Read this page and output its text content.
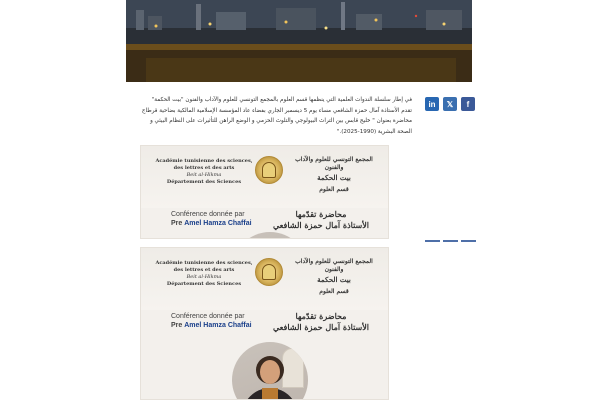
in 𝕏 f
في إطار سلسلة الندوات العلمية التي ينظمها قسم العلوم بالمجمع التونسي للعلوم والآداب والفنون "بيت الحكمة" تقدم الأستاذة آمال حمزة الشافعي مساء يوم 5 ديسمبر الجاري بفضاء عاد المؤسسة الإسلامية المالكية بضاحية قرطاج محاضرة بعنوان " خليج قابس بين التراث البيولوجي والتلوث الحزمي و الوضع الراهن للتأثيرات على النظام البيئي و الصحة البشرية (1990-2025)."
Académie tunisienne des sciences,
des lettres et des arts
Beit al-Hikma
Département des Sciences
المجمع التونسي للعلوم والآداب والفنون
بيت الحكمة
قسم العلوم
Conférence donnée par
Pre Amel Hamza Chaffai
محاضرة تقدّمها
الأستاذة آمال حمزة الشافعي
Académie tunisienne des sciences,
des lettres et des arts
Beit al-Hikma
Département des Sciences
المجمع التونسي للعلوم والآداب والفنون
بيت الحكمة
قسم العلوم
Conférence donnée par
Pre Amel Hamza Chaffai
محاضرة تقدّمها
الأستاذة آمال حمزة الشافعي
